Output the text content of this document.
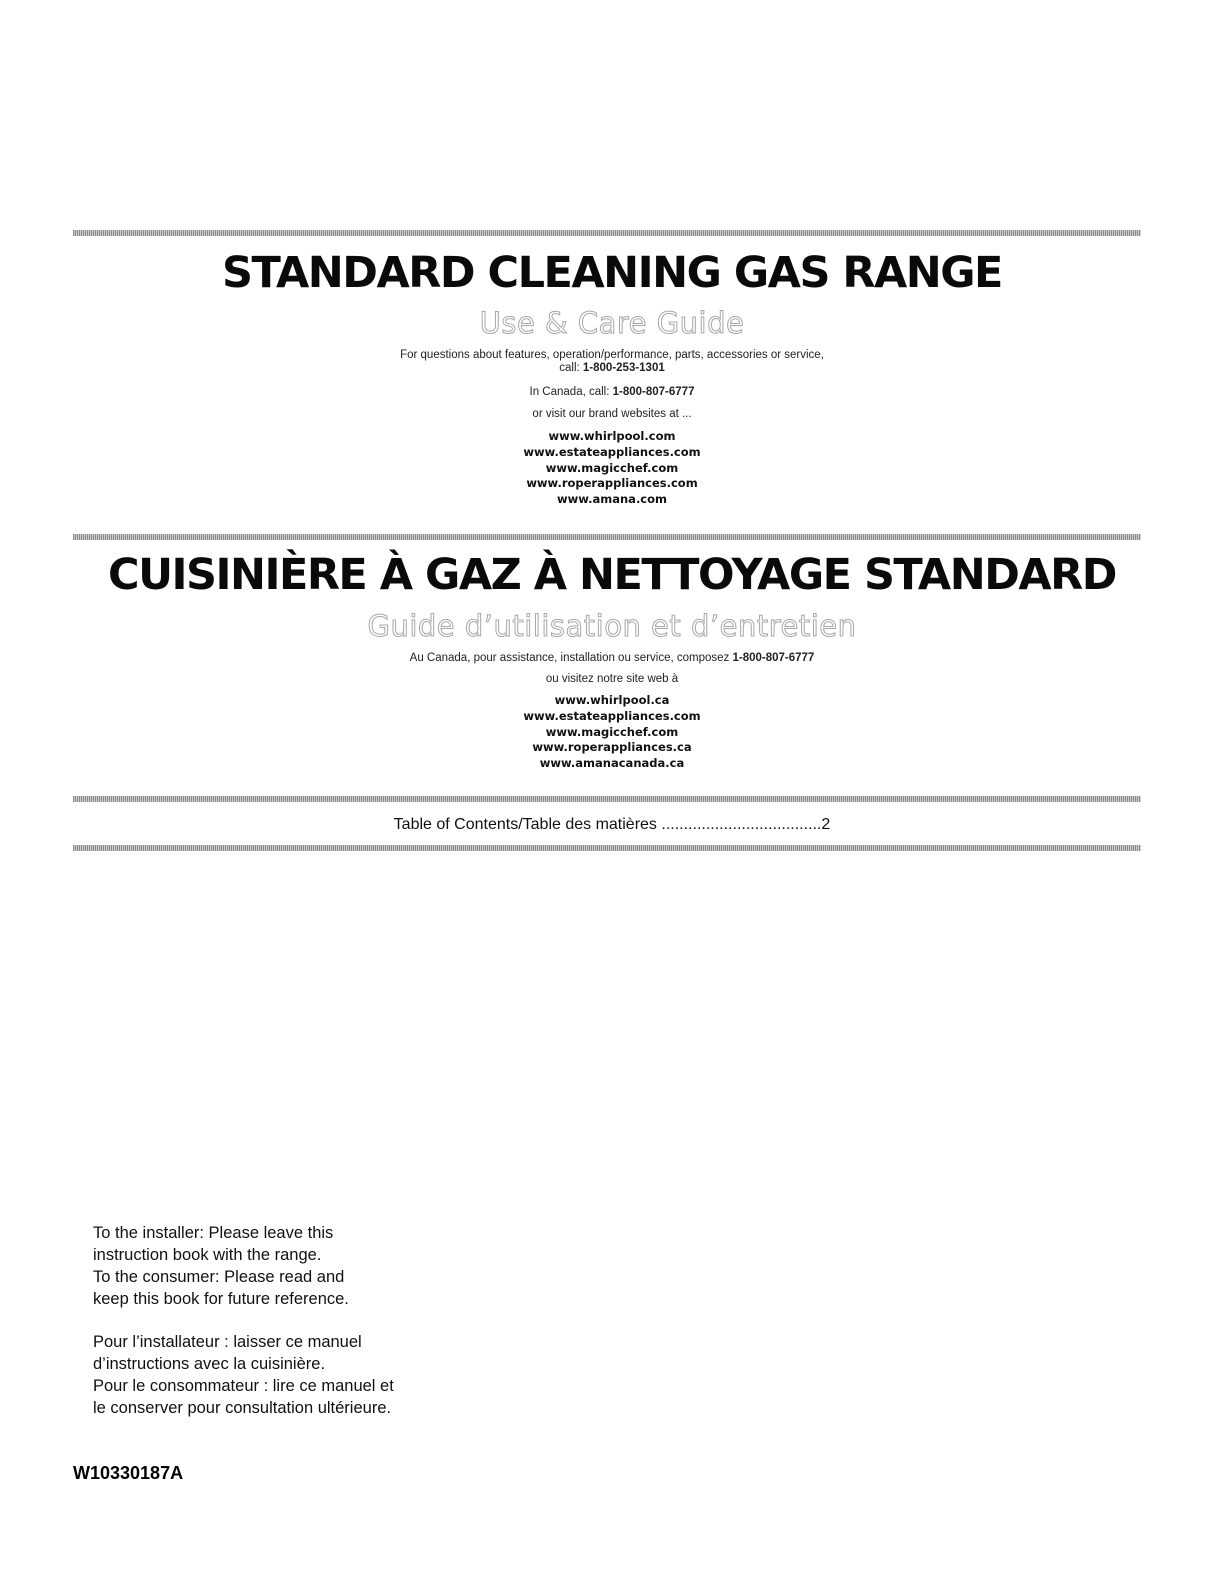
STANDARD CLEANING GAS RANGE
Use & Care Guide
For questions about features, operation/performance, parts, accessories or service,
call: 1-800-253-1301
In Canada, call: 1-800-807-6777
or visit our brand websites at ...
www.whirlpool.com
www.estateappliances.com
www.magicchef.com
www.roperappliances.com
www.amana.com
CUISINIÈRE À GAZ À NETTOYAGE STANDARD
Guide d’utilisation et d’entretien
Au Canada, pour assistance, installation ou service, composez 1-800-807-6777
ou visitez notre site web à
www.whirlpool.ca
www.estateappliances.com
www.magicchef.com
www.roperappliances.ca
www.amanacanada.ca
Table of Contents/Table des matières ....................................2
To the installer: Please leave this
instruction book with the range.
To the consumer: Please read and
keep this book for future reference.
Pour l’installateur : laisser ce manuel
d’instructions avec la cuisinière.
Pour le consommateur : lire ce manuel et
le conserver pour consultation ultérieure.
W10330187A
